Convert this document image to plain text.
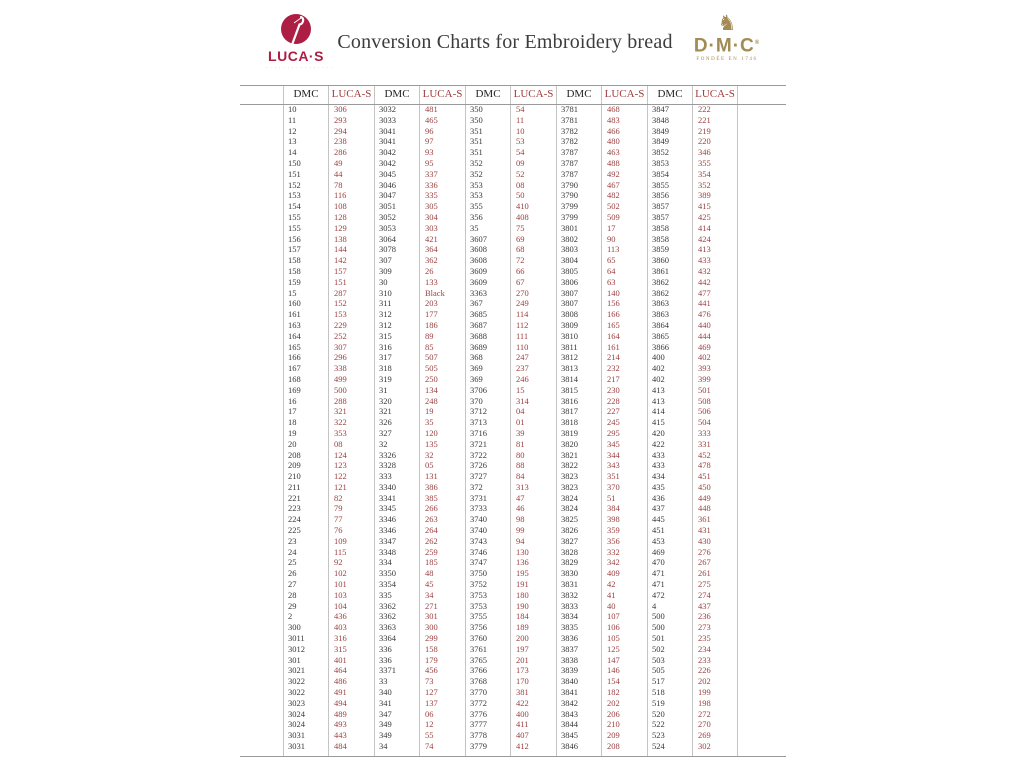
LUCA·S
· · · · · · · · · · · · · · · ·
Conversion Charts for Embroidery bread
♞
D·M·C®
FONDÉE EN 1746
DMC
10
11
12
13
14
150
151
152
153
154
155
155
156
157
158
158
159
15
160
161
163
164
165
166
167
168
169
16
17
18
19
20
208
209
210
211
221
223
224
225
23
24
25
26
27
28
29
2
300
3011
3012
301
3021
3022
3022
3023
3024
3024
3031
3031
LUCA-S
306
293
294
238
286
49
44
78
116
108
128
129
138
144
142
157
151
287
152
153
229
252
307
296
338
499
500
288
321
322
353
08
124
123
122
121
82
79
77
76
109
115
92
102
101
103
104
436
403
316
315
401
464
486
491
494
489
493
443
484
DMC
3032
3033
3041
3041
3042
3042
3045
3046
3047
3051
3052
3053
3064
3078
307
309
30
310
311
312
312
315
316
317
318
319
31
320
321
326
327
32
3326
3328
333
3340
3341
3345
3346
3346
3347
3348
334
3350
3354
335
3362
3362
3363
3364
336
336
3371
33
340
341
347
349
349
34
LUCA-S
481
465
96
97
93
95
337
336
335
305
304
303
421
364
362
26
133
Black
203
177
186
89
85
507
505
250
134
248
19
35
120
135
32
05
131
386
385
266
263
264
262
259
185
48
45
34
271
301
300
299
158
179
456
73
127
137
06
12
55
74
DMC
350
350
351
351
351
352
352
353
353
355
356
35
3607
3608
3608
3609
3609
3363
367
3685
3687
3688
3689
368
369
369
3706
370
3712
3713
3716
3721
3722
3726
3727
372
3731
3733
3740
3740
3743
3746
3747
3750
3752
3753
3753
3755
3756
3760
3761
3765
3766
3768
3770
3772
3776
3777
3778
3779
LUCA-S
54
11
10
53
54
09
52
08
50
410
408
75
69
68
72
66
67
270
249
114
112
111
110
247
237
246
15
314
04
01
39
81
80
88
84
313
47
46
98
99
94
130
136
195
191
180
190
184
189
200
197
201
173
170
381
422
400
411
407
412
DMC
3781
3781
3782
3782
3787
3787
3787
3790
3790
3799
3799
3801
3802
3803
3804
3805
3806
3807
3807
3808
3809
3810
3811
3812
3813
3814
3815
3816
3817
3818
3819
3820
3821
3822
3823
3823
3824
3824
3825
3826
3827
3828
3829
3830
3831
3832
3833
3834
3835
3836
3837
3838
3839
3840
3841
3842
3843
3844
3845
3846
LUCA-S
468
483
466
480
463
488
492
467
482
502
509
17
90
113
65
64
63
140
156
166
165
164
161
214
232
217
230
228
227
245
295
345
344
343
351
370
51
384
398
359
356
332
342
409
42
41
40
107
106
105
125
147
146
154
182
202
206
210
209
208
DMC
3847
3848
3849
3849
3852
3853
3854
3855
3856
3857
3857
3858
3858
3859
3860
3861
3862
3862
3863
3863
3864
3865
3866
400
402
402
413
413
414
415
420
422
433
433
434
435
436
437
445
451
453
469
470
471
471
472
4
500
500
501
502
503
505
517
518
519
520
522
523
524
LUCA-S
222
221
219
220
346
355
354
352
389
415
425
414
424
413
433
432
442
477
441
476
440
444
469
402
393
399
501
508
506
504
333
331
452
478
451
450
449
448
361
431
430
276
267
261
275
274
437
236
273
235
234
233
226
202
199
198
272
270
269
302
